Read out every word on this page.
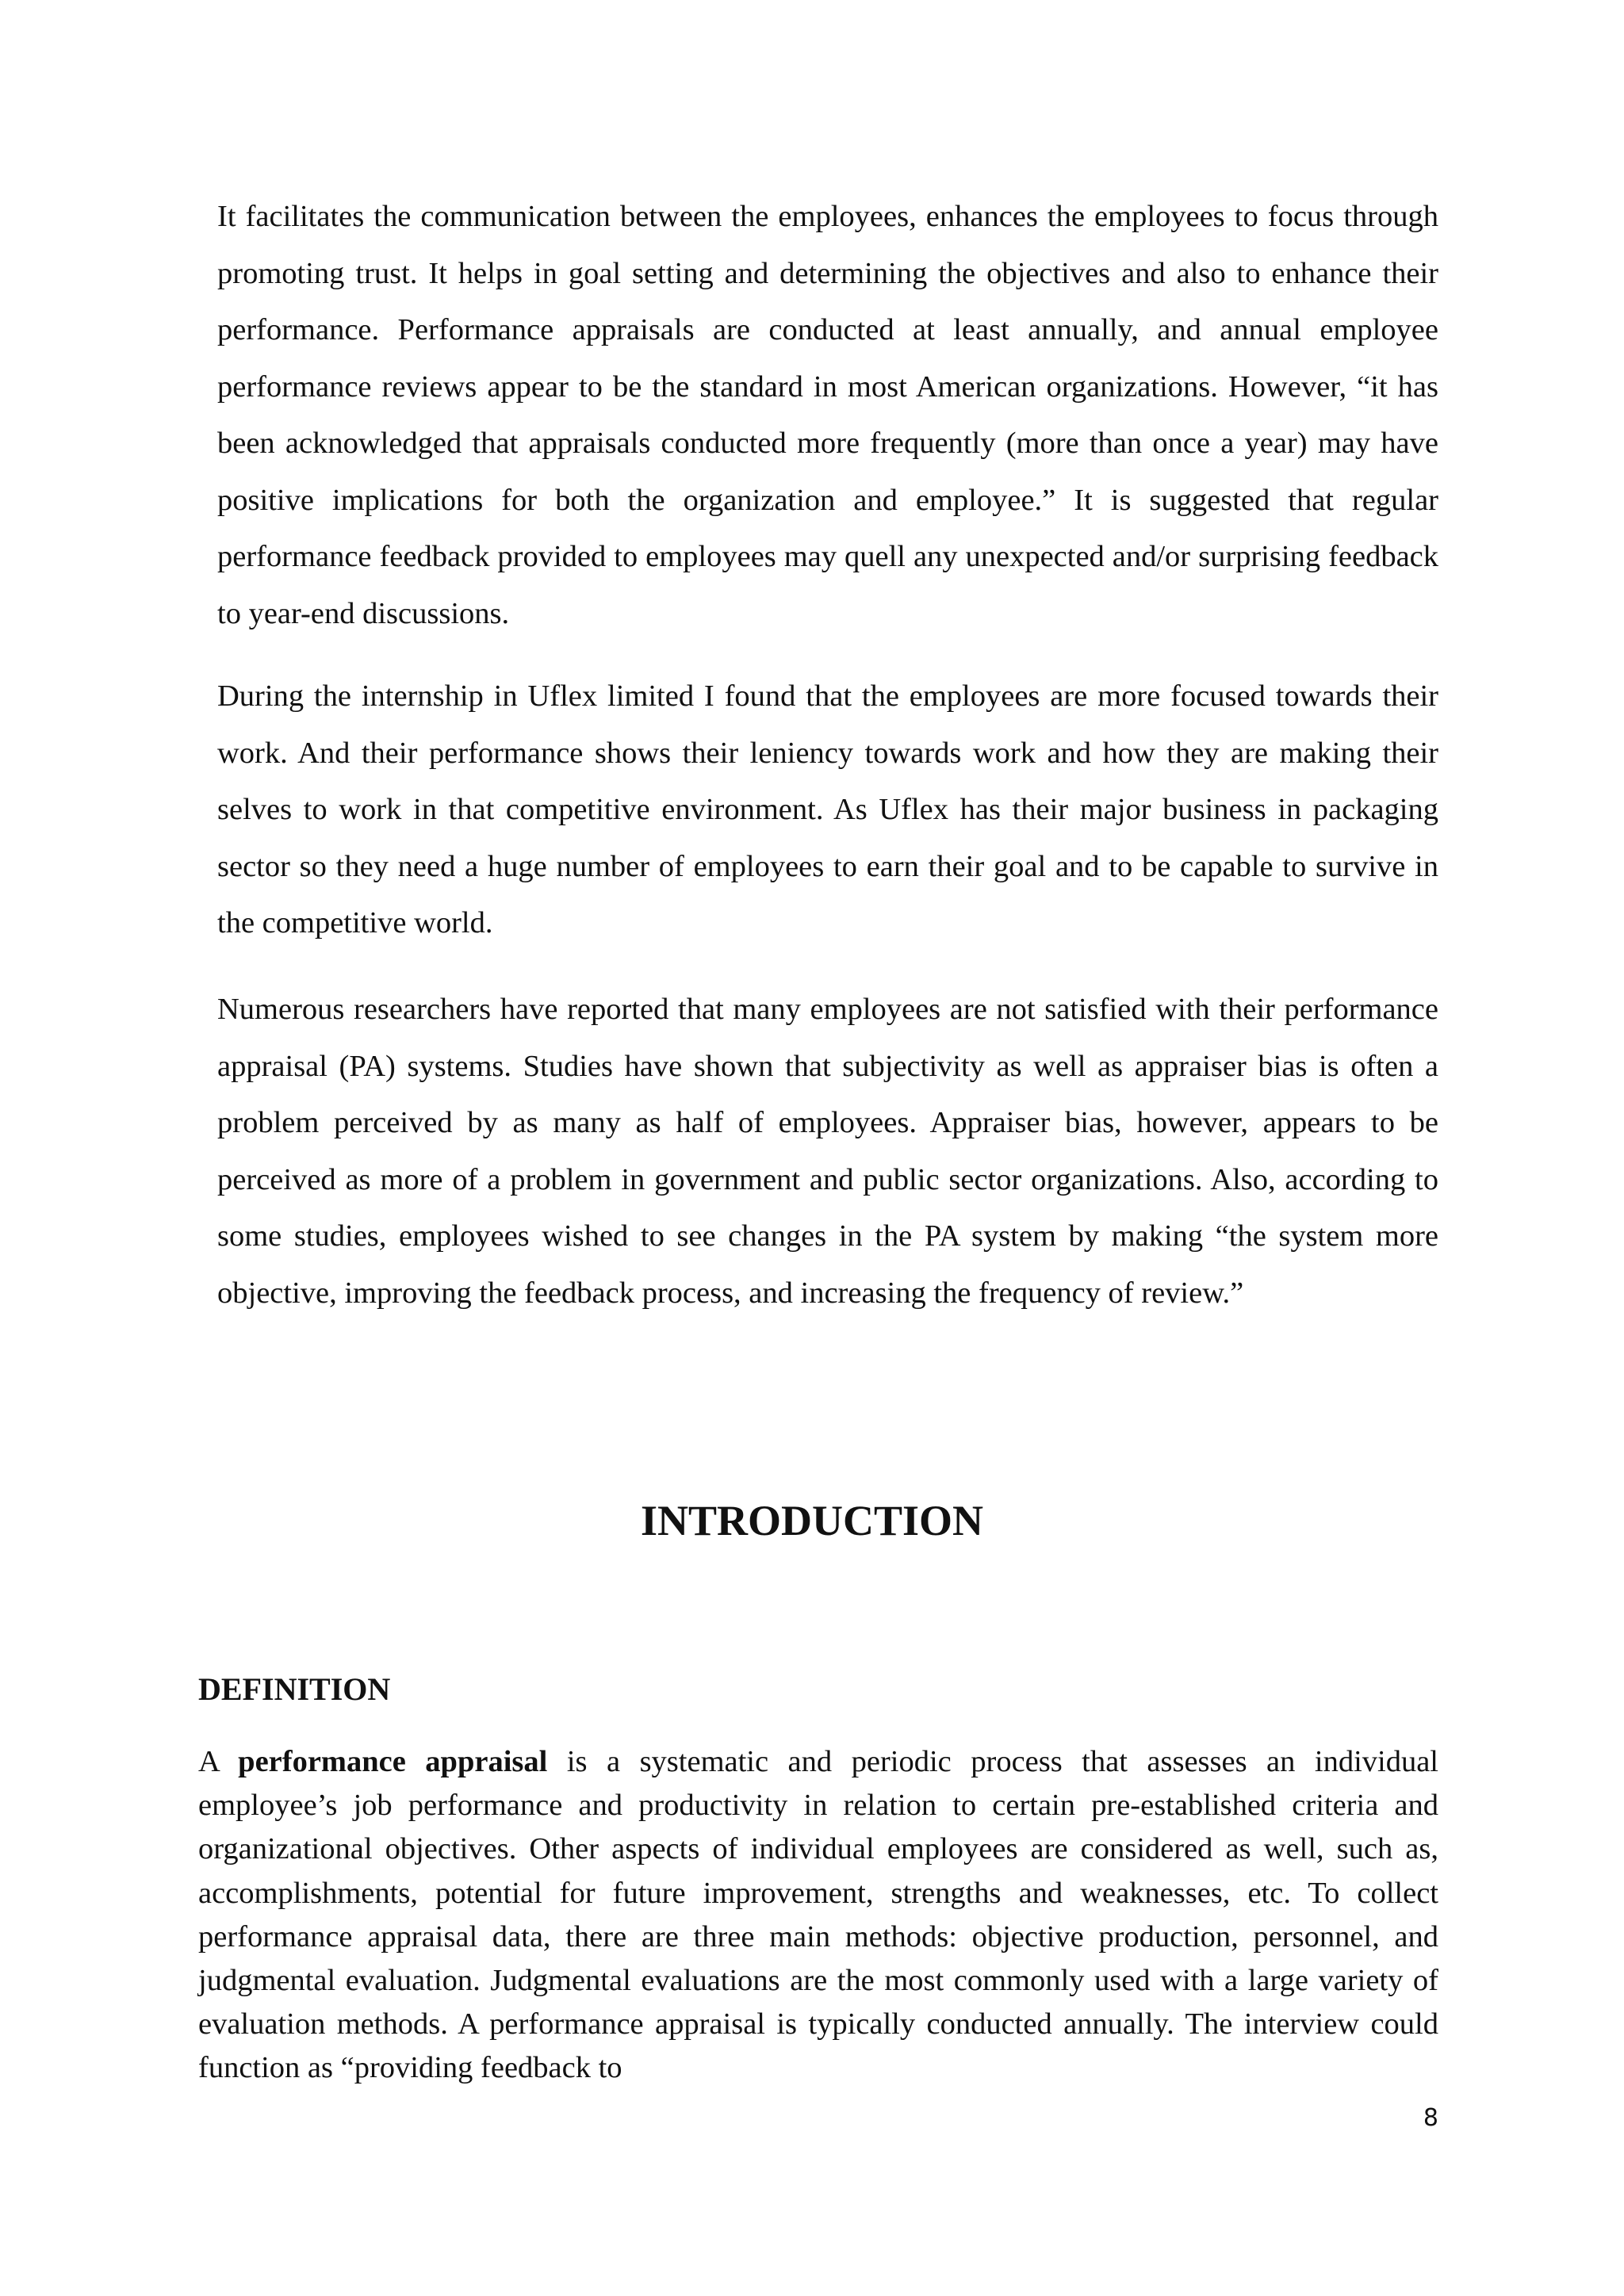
It facilitates the communication between the employees, enhances the employees to focus through promoting trust. It helps in goal setting and determining the objectives and also to enhance their performance. Performance appraisals are conducted at least annually, and annual employee performance reviews appear to be the standard in most American organizations. However, “it has been acknowledged that appraisals conducted more frequently (more than once a year) may have positive implications for both the organization and employee.” It is suggested that regular performance feedback provided to employees may quell any unexpected and/or surprising feedback to year-end discussions.

During the internship in Uflex limited I found that the employees are more focused towards their work. And their performance shows their leniency towards work and how they are making their selves to work in that competitive environment. As Uflex has their major business in packaging sector so they need a huge number of employees to earn their goal and to be capable to survive in the competitive world.

Numerous researchers have reported that many employees are not satisfied with their performance appraisal (PA) systems. Studies have shown that subjectivity as well as appraiser bias is often a problem perceived by as many as half of employees. Appraiser bias, however, appears to be perceived as more of a problem in government and public sector organizations. Also, according to some studies, employees wished to see changes in the PA system by making “the system more objective, improving the feedback process, and increasing the frequency of review.”

INTRODUCTION
DEFINITION

A performance appraisal is a systematic and periodic process that assesses an individual employee’s job performance and productivity in relation to certain pre-established criteria and organizational objectives. Other aspects of individual employees are considered as well, such as, accomplishments, potential for future improvement, strengths and weaknesses, etc. To collect performance appraisal data, there are three main methods: objective production, personnel, and judgmental evaluation. Judgmental evaluations are the most commonly used with a large variety of evaluation methods. A performance appraisal is typically conducted annually. The interview could function as “providing feedback to

8
